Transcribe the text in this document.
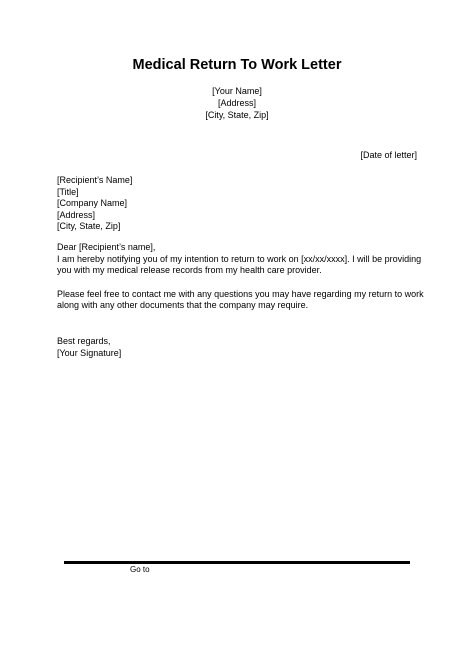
Medical Return To Work Letter
[Your Name]
[Address]
[City, State, Zip]
[Date of letter]
[Recipient’s Name]
[Title]
[Company Name]
[Address]
[City, State, Zip]

Dear [Recipient’s name],
I am hereby notifying you of my intention to return to work on [xx/xx/xxxx]. I will be providing
you with my medical release records from my health care provider.

Please feel free to contact me with any questions you may have regarding my return to work
along with any other documents that the company may require.

Best regards,
[Your Signature]
Go to
